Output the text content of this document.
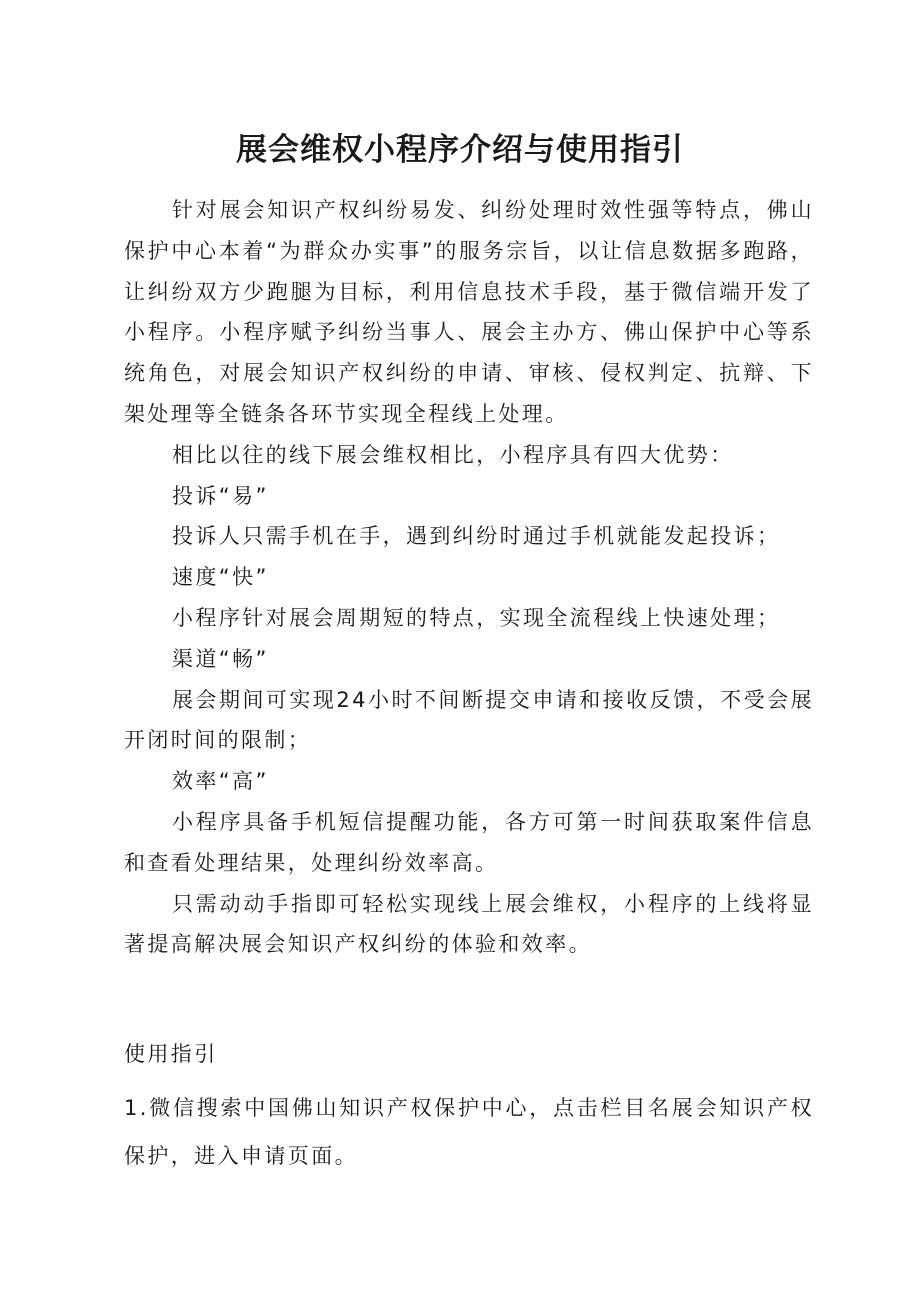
展会维权小程序介绍与使用指引

针对展会知识产权纠纷易发、纠纷处理时效性强等特点，佛山保护中心本着“为群众办实事”的服务宗旨，以让信息数据多跑路，让纠纷双方少跑腿为目标，利用信息技术手段，基于微信端开发了小程序。小程序赋予纠纷当事人、展会主办方、佛山保护中心等系统角色，对展会知识产权纠纷的申请、审核、侵权判定、抗辩、下架处理等全链条各环节实现全程线上处理。

相比以往的线下展会维权相比，小程序具有四大优势：

投诉“易”

投诉人只需手机在手，遇到纠纷时通过手机就能发起投诉；

速度“快”

小程序针对展会周期短的特点，实现全流程线上快速处理；

渠道“畅”

展会期间可实现24小时不间断提交申请和接收反馈，不受会展开闭时间的限制；

效率“高”

小程序具备手机短信提醒功能，各方可第一时间获取案件信息和查看处理结果，处理纠纷效率高。

只需动动手指即可轻松实现线上展会维权，小程序的上线将显著提高解决展会知识产权纠纷的体验和效率。

使用指引

1.微信搜索中国佛山知识产权保护中心，点击栏目名展会知识产权保护，进入申请页面。
